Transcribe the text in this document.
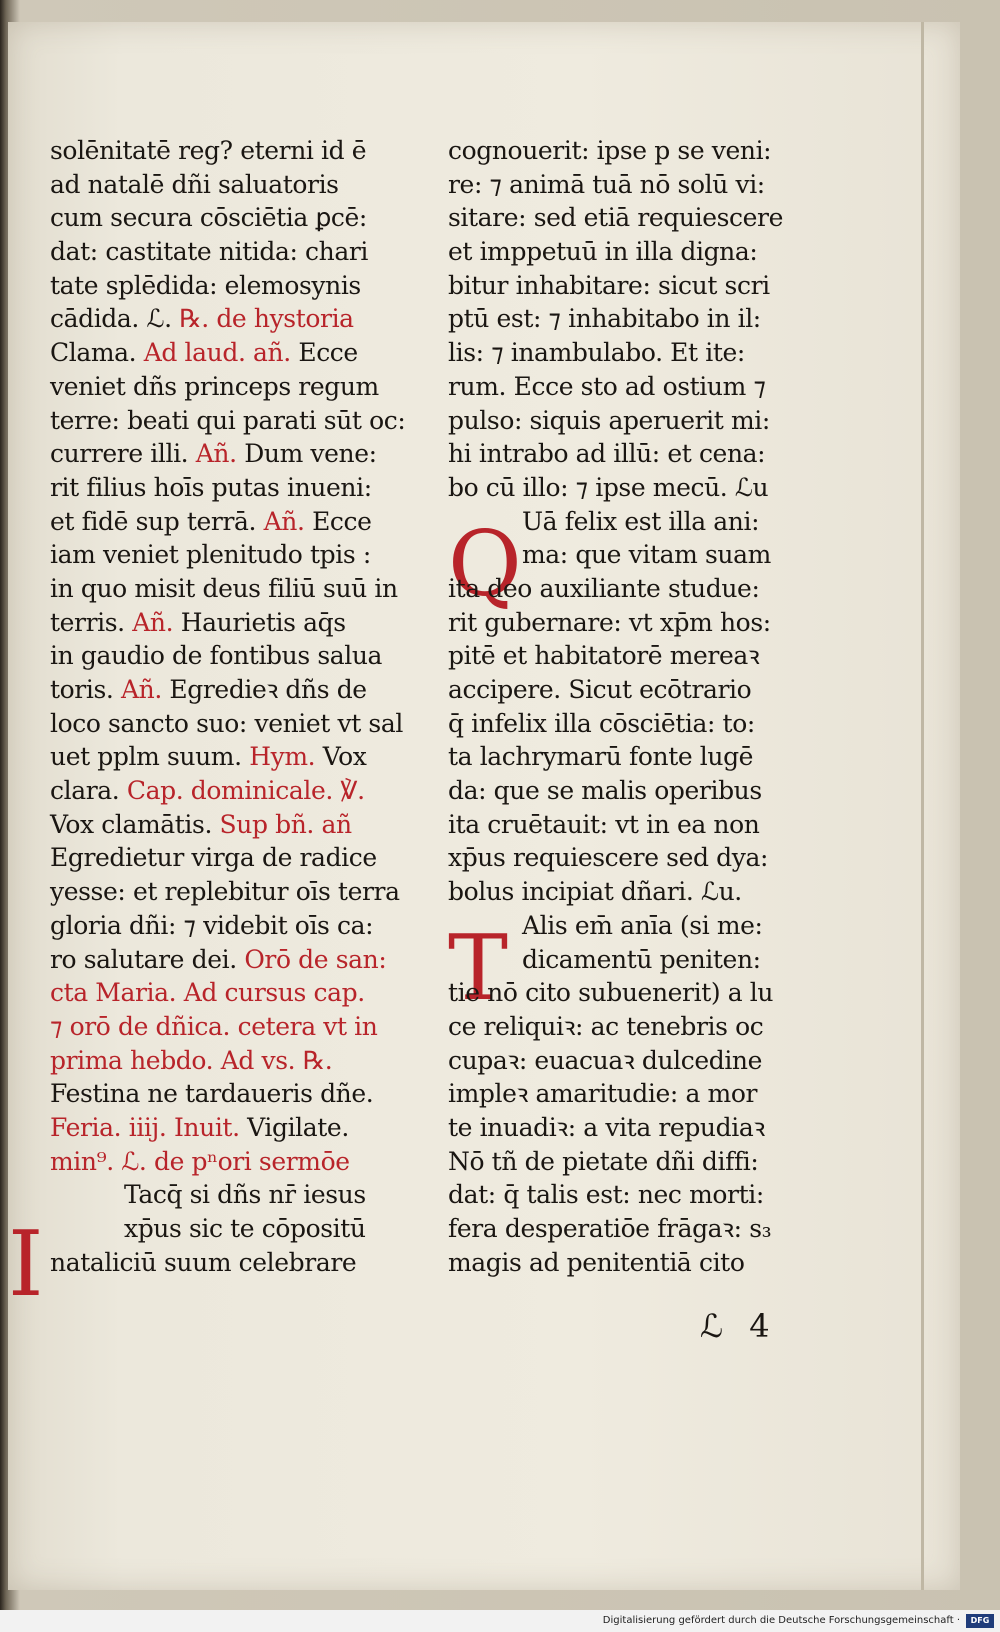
I
Q
T
solēnitatē reg? eterni id ē
ad natalē dñi saluatoris
cum secura cōsciētia ꝑcē:
dat: castitate nitida: chari
tate splēdida: elemosynis
cādida. ℒ. ℞. de hystoria
Clama. Ad laud. añ. Ecce
veniet dñs princeps regum
terre: beati qui parati sūt oc:
currere illi. Añ. Dum vene:
rit filius hoīs putas inueni:
et fidē sup terrā. Añ. Ecce
iam veniet plenitudo tpis :
in quo misit deus filiū suū in
terris. Añ. Haurietis aq̄s
in gaudio de fontibus salua
toris. Añ. Egredieꝛ dñs de
loco sancto suo: veniet vt sal
uet pplm suum. Hym. Vox
clara. Cap. dominicale. ℣.
Vox clamātis. Sup bñ. añ
Egredietur virga de radice
yesse: et replebitur oīs terra
gloria dñi: ⁊ videbit oīs ca:
ro salutare dei. Orō de san:
cta Maria. Ad cursus cap.
⁊ orō de dñica. cetera vt in
prima hebdo. Ad vs. ℞.
Festina ne tardaueris dñe.
Feria. iiij. Inuit. Vigilate.
min⁹. ℒ. de pⁿori sermōe
Tacq̄ si dñs nr̄ iesus
xp̄us sic te cōpositū
nataliciū suum celebrare
cognouerit: ipse p se veni:
re: ⁊ animā tuā nō solū vi:
sitare: sed etiā requiescere
et imppetuū in illa digna:
bitur inhabitare: sicut scri
ptū est: ⁊ inhabitabo in il:
lis: ⁊ inambulabo. Et ite:
rum. Ecce sto ad ostium ⁊
pulso: siquis aperuerit mi:
hi intrabo ad illū: et cena:
bo cū illo: ⁊ ipse mecū. ℒu
Uā felix est illa ani:
ma: que vitam suam
ita deo auxiliante studue:
rit gubernare: vt xp̄m hos:
pitē et habitatorē mereaꝛ
accipere. Sicut ecōtrario
q̄ infelix illa cōsciētia: to:
ta lachrymarū fonte lugē
da: que se malis operibus
ita cruētauit: vt in ea non
xp̄us requiescere sed dya:
bolus incipiat dñari. ℒu.
Alis em̄ anīa (si me:
dicamentū peniten:
tie nō cito subuenerit) a lu
ce reliquiꝛ: ac tenebris oc
cupaꝛ: euacuaꝛ dulcedine
impleꝛ amaritudie: a mor
te inuadiꝛ: a vita repudiaꝛ
Nō tñ de pietate dñi diffi:
dat: q̄ talis est: nec morti:
fera desperatiōe frāgaꝛ: s₃
magis ad penitentiā cito
ℒ 4
Digitalisierung gefördert durch die Deutsche Forschungsgemeinschaft ·	DFG
